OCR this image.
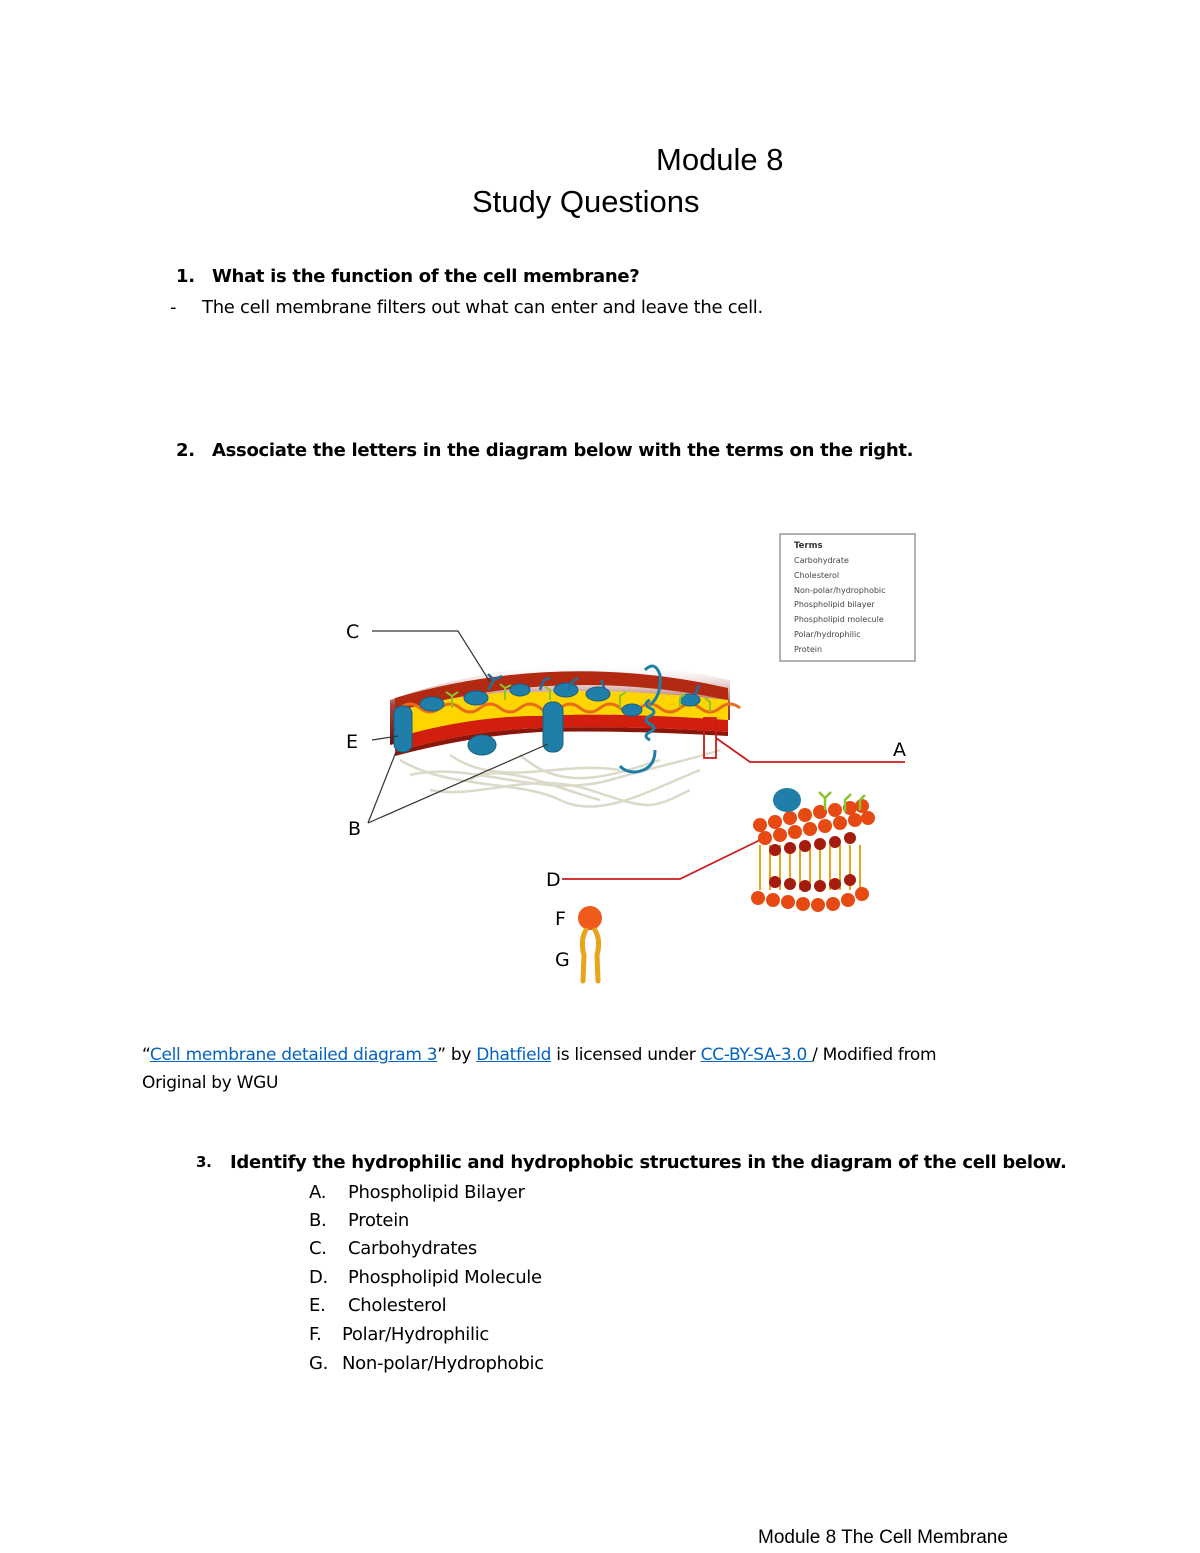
Module 8
Study Questions
1. What is the function of the cell membrane?
- The cell membrane filters out what can enter and leave the cell.
2. Associate the letters in the diagram below with the terms on the right.
Terms
Carbohydrate
Cholesterol
Non-polar/hydrophobic
Phospholipid bilayer
Phospholipid molecule
Polar/hydrophilic
Protein
C
E
B
A
D
F
G
“Cell membrane detailed diagram 3” by Dhatfield is licensed under CC-BY-SA-3.0 / Modified from
Original by WGU
3. Identify the hydrophilic and hydrophobic structures in the diagram of the cell below.
A. Phospholipid Bilayer
B. Protein
C. Carbohydrates
D. Phospholipid Molecule
E. Cholesterol
F. Polar/Hydrophilic
G. Non-polar/Hydrophobic
Module 8 The Cell Membrane
